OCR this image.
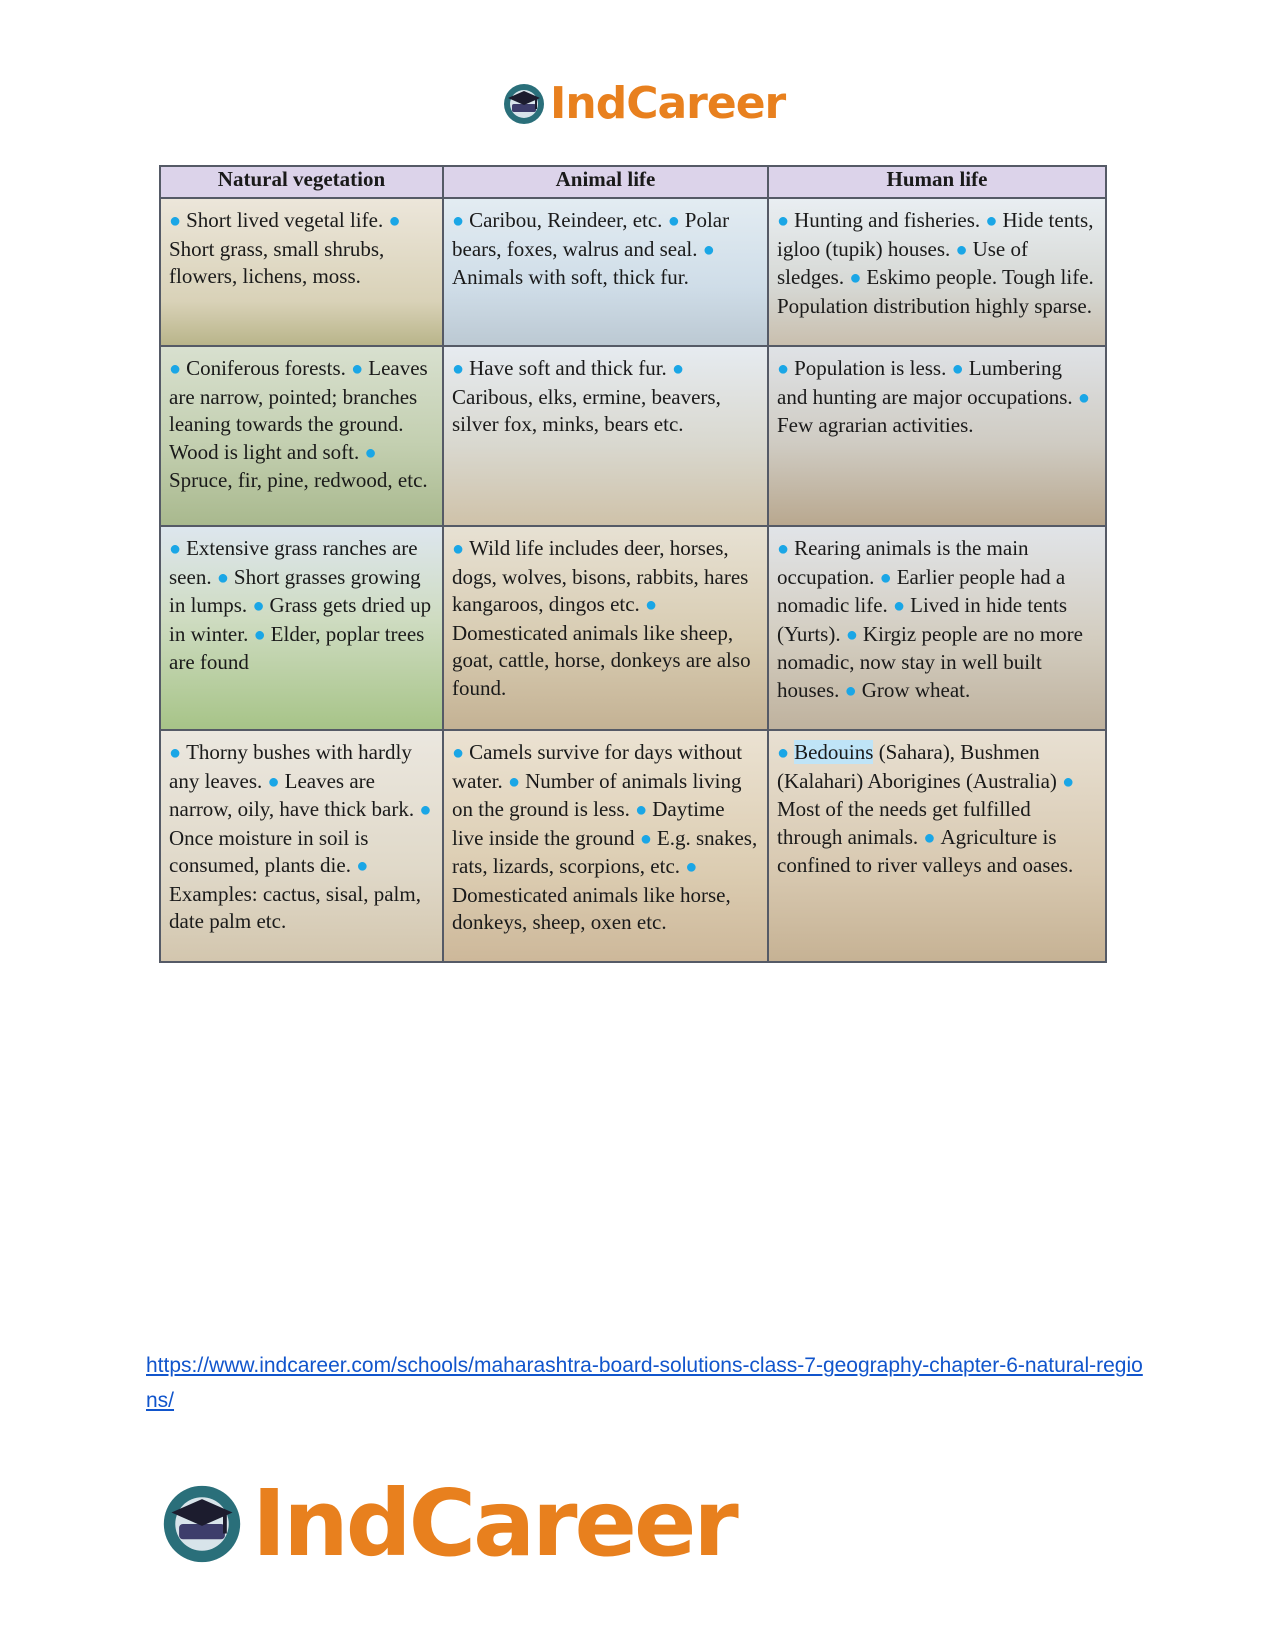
IndCareer
Natural vegetation	Animal life	Human life
● Short lived vegetal life. ● Short grass, small shrubs, flowers, lichens, moss.	● Caribou, Reindeer, etc. ● Polar bears, foxes, walrus and seal. ● Animals with soft, thick fur.	● Hunting and fisheries. ● Hide tents, igloo (tupik) houses. ● Use of sledges. ● Eskimo people. Tough life. Population distribution highly sparse.
● Coniferous forests. ● Leaves are narrow, pointed; branches leaning towards the ground. Wood is light and soft. ● Spruce, fir, pine, redwood, etc.	● Have soft and thick fur. ● Caribous, elks, ermine, beavers, silver fox, minks, bears etc.	● Population is less. ● Lumbering and hunting are major occupations. ● Few agrarian activities.
● Extensive grass ranches are seen. ● Short grasses growing in lumps. ● Grass gets dried up in winter. ● Elder, poplar trees are found	● Wild life includes deer, horses, dogs, wolves, bisons, rabbits, hares kangaroos, dingos etc. ● Domesticated animals like sheep, goat, cattle, horse, donkeys are also found.	● Rearing animals is the main occupation. ● Earlier people had a nomadic life. ● Lived in hide tents (Yurts). ● Kirgiz people are no more nomadic, now stay in well built houses. ● Grow wheat.
● Thorny bushes with hardly any leaves. ● Leaves are narrow, oily, have thick bark. ● Once moisture in soil is consumed, plants die. ● Examples: cactus, sisal, palm, date palm etc.	● Camels survive for days without water. ● Number of animals living on the ground is less. ● Daytime live inside the ground ● E.g. snakes, rats, lizards, scorpions, etc. ● Domesticated animals like horse, donkeys, sheep, oxen etc.	● Bedouins (Sahara), Bushmen (Kalahari) Aborigines (Australia) ● Most of the needs get fulfilled through animals. ● Agriculture is confined to river valleys and oases.
https://www.indcareer.com/schools/maharashtra-board-solutions-class-7-geography-chapter-6-natural-regions/
IndCareer
